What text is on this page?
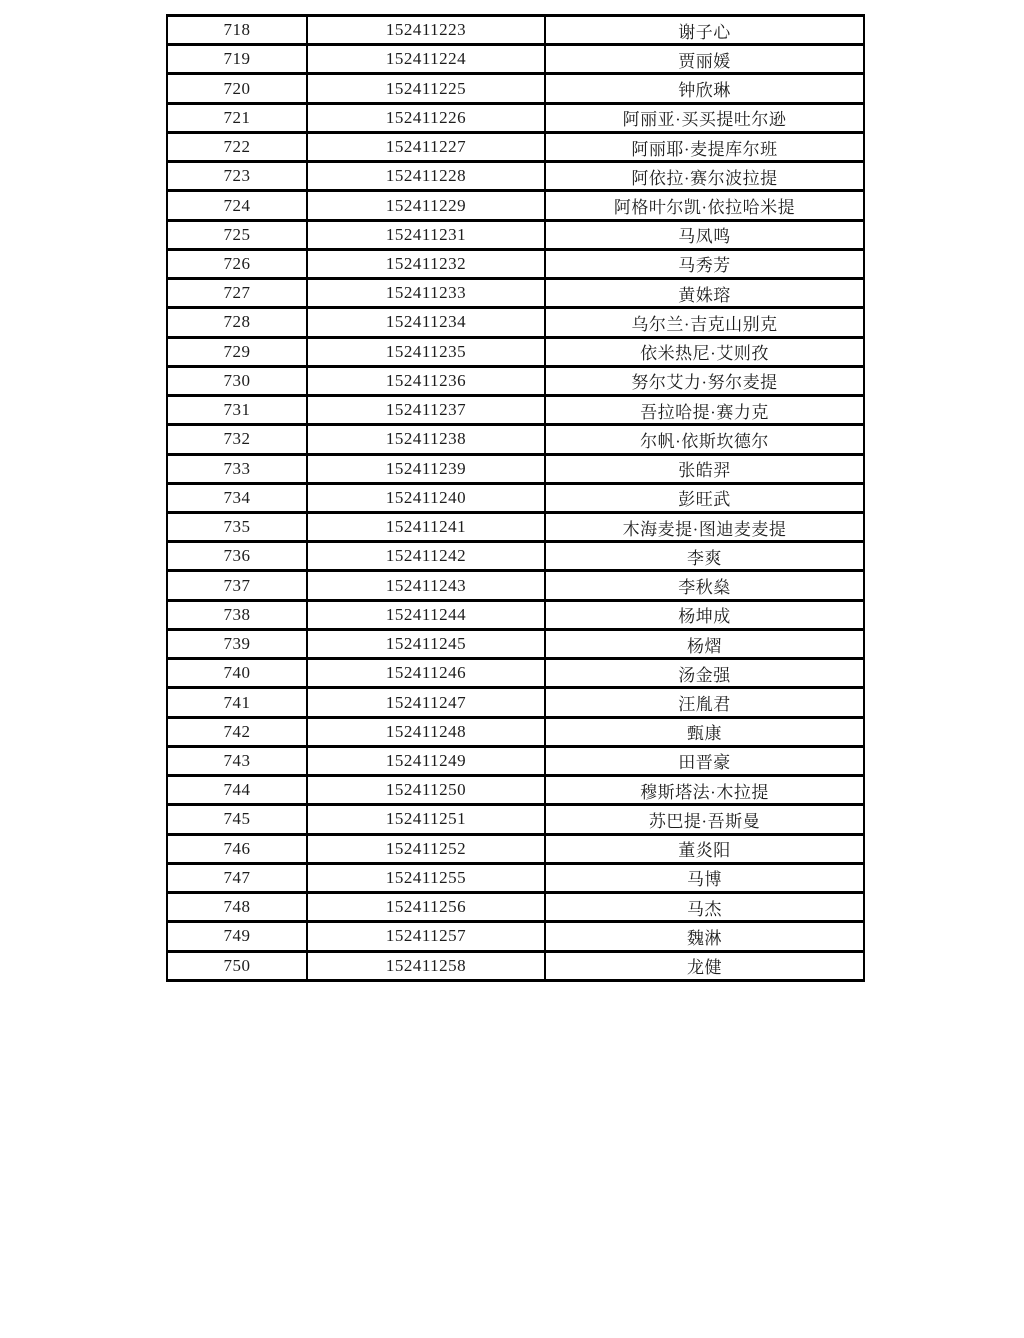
718	152411223	谢子心
719	152411224	贾丽媛
720	152411225	钟欣琳
721	152411226	阿丽亚·买买提吐尔逊
722	152411227	阿丽耶·麦提库尔班
723	152411228	阿依拉·赛尔波拉提
724	152411229	阿格叶尔凯·依拉哈米提
725	152411231	马凤鸣
726	152411232	马秀芳
727	152411233	黄姝瑢
728	152411234	乌尔兰·吉克山别克
729	152411235	依米热尼·艾则孜
730	152411236	努尔艾力·努尔麦提
731	152411237	吾拉哈提·赛力克
732	152411238	尔帆·依斯坎德尔
733	152411239	张皓羿
734	152411240	彭旺武
735	152411241	木海麦提·图迪麦麦提
736	152411242	李爽
737	152411243	李秋燊
738	152411244	杨坤成
739	152411245	杨熠
740	152411246	汤金强
741	152411247	汪胤君
742	152411248	甄康
743	152411249	田晋豪
744	152411250	穆斯塔法·木拉提
745	152411251	苏巴提·吾斯曼
746	152411252	董炎阳
747	152411255	马博
748	152411256	马杰
749	152411257	魏淋
750	152411258	龙健
